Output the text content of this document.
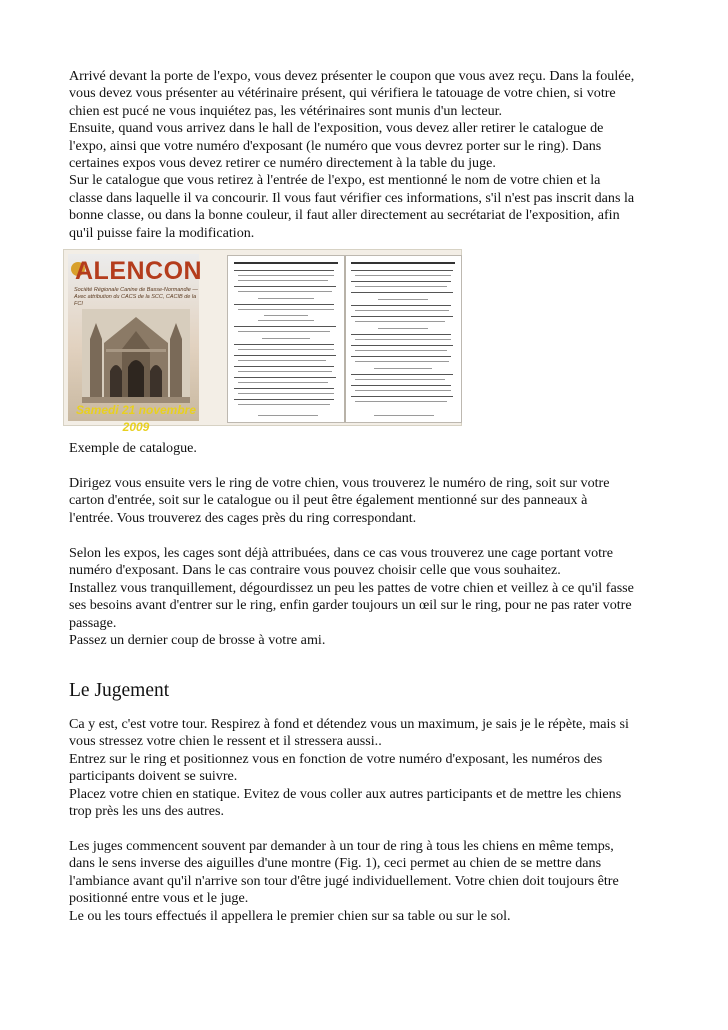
Arrivé devant la porte de l'expo, vous devez présenter le coupon que vous avez reçu. Dans la foulée,

vous devez vous présenter au vétérinaire présent, qui vérifiera le tatouage de votre chien, si votre

chien est pucé ne vous inquiétez pas, les vétérinaires sont munis d'un lecteur.

Ensuite, quand vous arrivez dans le hall de l'exposition, vous devez aller retirer le catalogue de

l'expo, ainsi que votre numéro d'exposant (le numéro que vous devrez porter sur le ring). Dans

certaines expos vous devez retirer ce numéro directement à la table du juge.

Sur le catalogue que vous retirez à l'entrée de l'expo, est mentionné le nom de votre chien et la

classe dans laquelle il va concourir. Il vous faut vérifier ces informations, s'il n'est pas inscrit dans la

bonne classe, ou dans la bonne couleur, il faut aller directement au secrétariat de l'exposition, afin

qu'il puisse faire la modification.

ALENCON
Société Régionale Canine de Basse-Normandie — Avec attribution du CACS de la SCC, CACIB de la FCI
Samedi 21 novembre 2009

Exemple de catalogue.

Dirigez vous ensuite vers le ring de votre chien, vous trouverez le numéro de ring, soit sur votre

carton d'entrée, soit sur le catalogue ou il peut être également mentionné sur des panneaux à

l'entrée. Vous trouverez des cages près du ring correspondant.

Selon les expos, les cages sont déjà attribuées, dans ce cas vous trouverez une cage portant votre

numéro d'exposant. Dans le cas contraire vous pouvez choisir celle que vous souhaitez.

Installez vous tranquillement, dégourdissez un peu les pattes de votre chien et veillez à ce qu'il fasse

ses besoins avant d'entrer sur le ring, enfin garder toujours un œil sur le ring, pour ne pas rater votre

passage.

Passez un dernier coup de brosse à votre ami.

Le Jugement

Ca y est, c'est votre tour. Respirez à fond et détendez vous un maximum, je sais je le répète, mais si

vous stressez votre chien le ressent et il stressera aussi..

Entrez sur le ring et positionnez vous en fonction de votre numéro d'exposant, les numéros des

participants doivent se suivre.

Placez votre chien en statique. Evitez de vous coller aux autres participants et de mettre les chiens

trop près les uns des autres.

Les juges commencent souvent par demander à un tour de ring à tous les chiens en même temps,

dans le sens inverse des aiguilles d'une montre (Fig. 1), ceci permet au chien de se mettre dans

l'ambiance avant qu'il n'arrive son tour d'être jugé individuellement. Votre chien doit toujours être

positionné entre vous et le juge.

Le ou les tours effectués il appellera le premier chien sur sa table ou sur le sol.
